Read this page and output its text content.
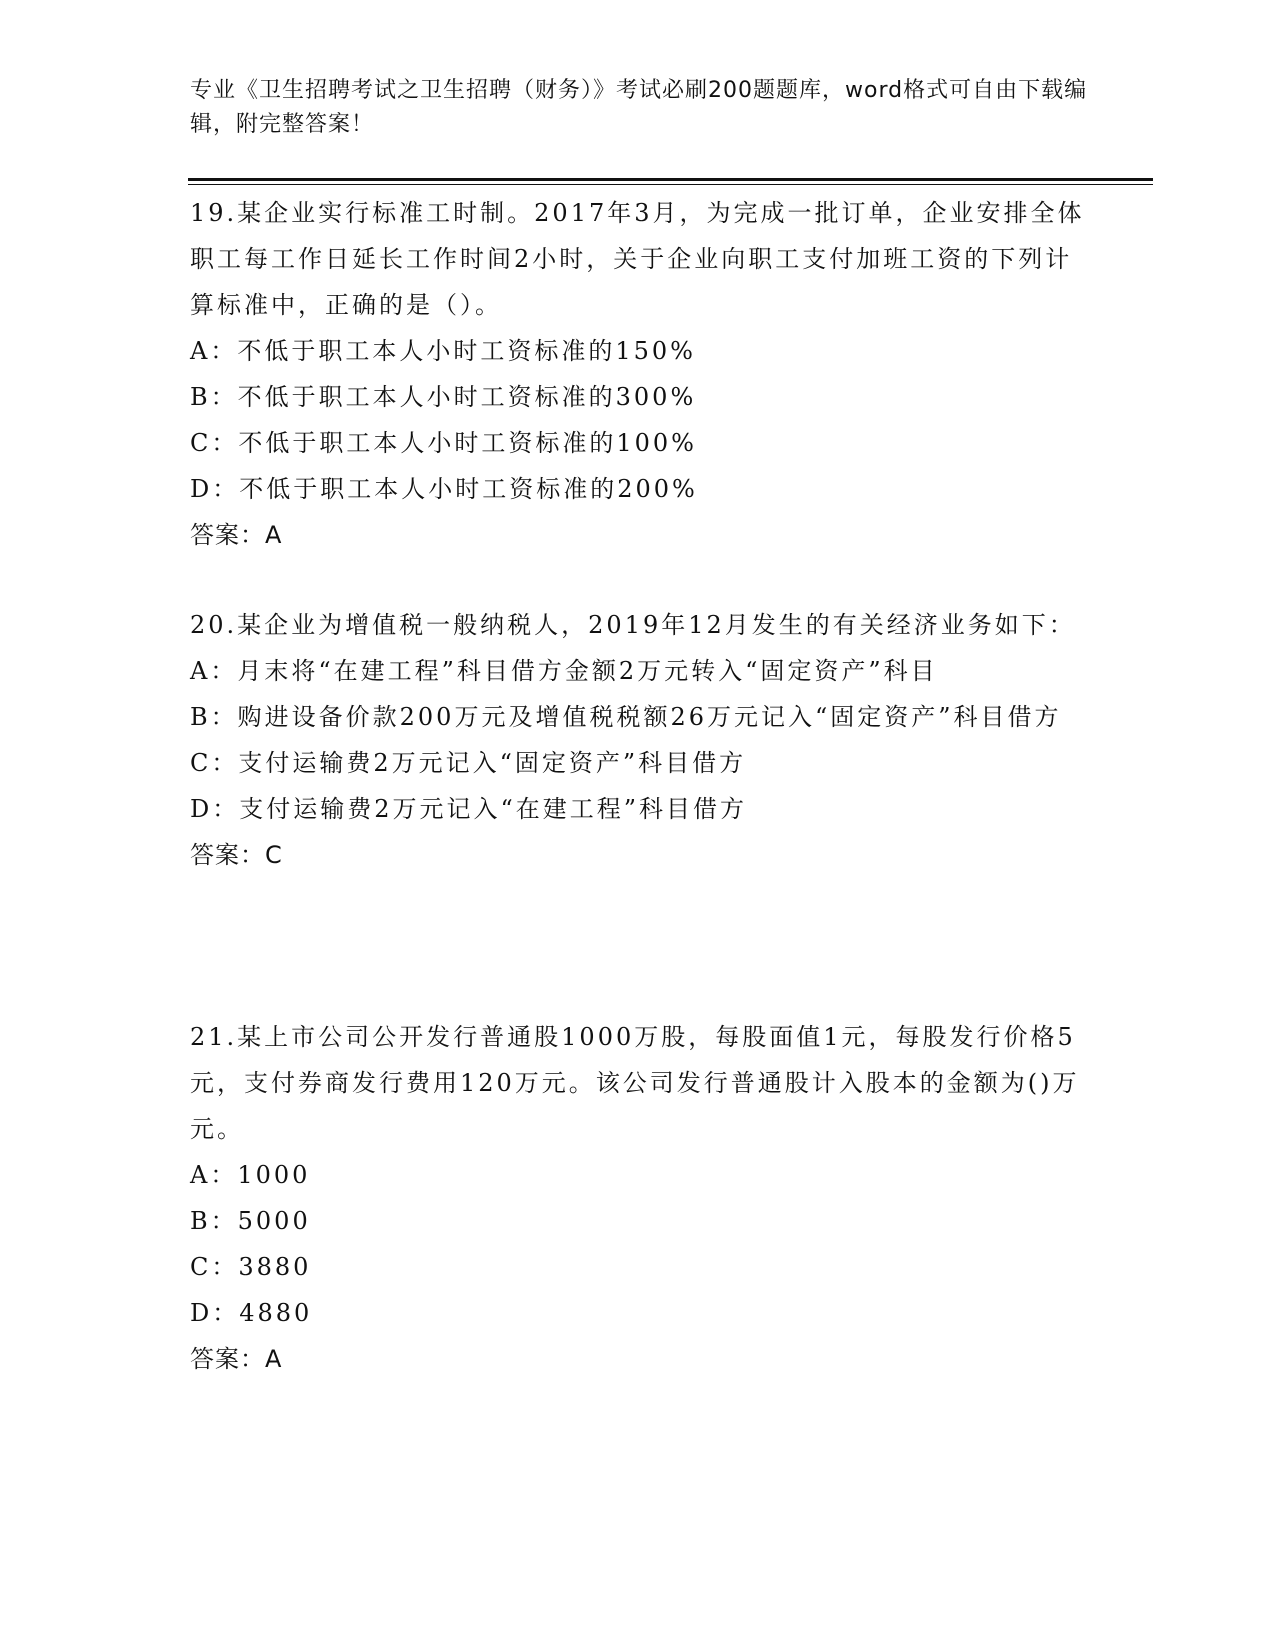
专业《卫生招聘考试之卫生招聘（财务）》考试必刷200题题库，word格式可自由下载编辑，附完整答案！

19.某企业实行标准工时制。2017年3月，为完成一批订单，企业安排全体职工每工作日延长工作时间2小时，关于企业向职工支付加班工资的下列计算标准中，正确的是（）。

A：不低于职工本人小时工资标准的150%

B：不低于职工本人小时工资标准的300%

C：不低于职工本人小时工资标准的100%

D：不低于职工本人小时工资标准的200%

答案：A

20.某企业为增值税一般纳税人，2019年12月发生的有关经济业务如下：

A：月末将“在建工程”科目借方金额2万元转入“固定资产”科目

B：购进设备价款200万元及增值税税额26万元记入“固定资产”科目借方

C：支付运输费2万元记入“固定资产”科目借方

D：支付运输费2万元记入“在建工程”科目借方

答案：C

21.某上市公司公开发行普通股1000万股，每股面值1元，每股发行价格5元，支付券商发行费用120万元。该公司发行普通股计入股本的金额为()万元。

A：1000

B：5000

C：3880

D：4880

答案：A
